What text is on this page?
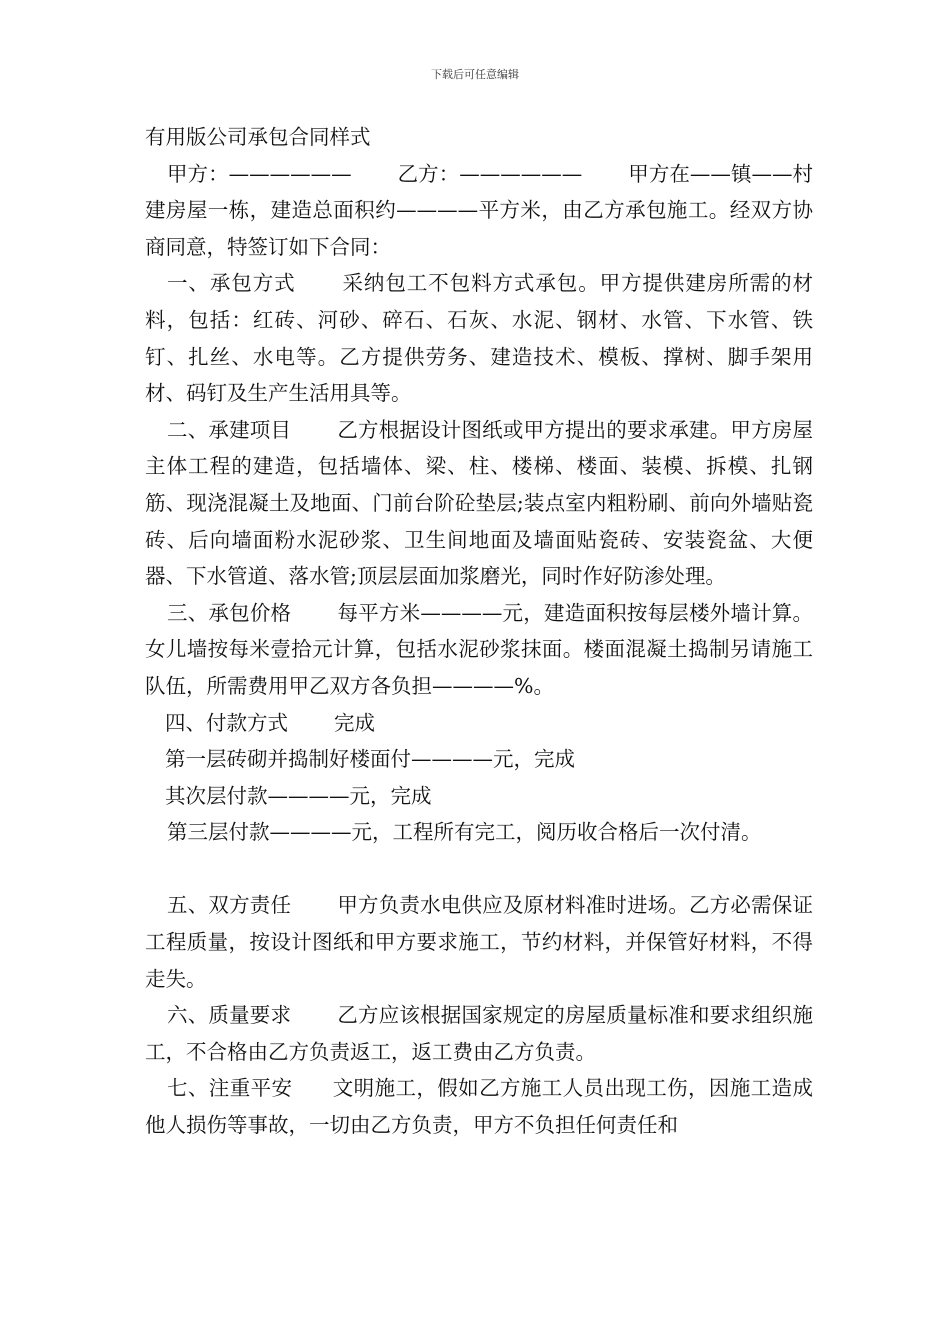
下载后可任意编辑

有用版公司承包合同样式

甲方：—————— 乙方：—————— 甲方在——镇——村建房屋一栋，建造总面积约————平方米，由乙方承包施工。经双方协商同意，特签订如下合同：

一、承包方式 采纳包工不包料方式承包。甲方提供建房所需的材料，包括：红砖、河砂、碎石、石灰、水泥、钢材、水管、下水管、铁钉、扎丝、水电等。乙方提供劳务、建造技术、模板、撑树、脚手架用材、码钉及生产生活用具等。

二、承建项目 乙方根据设计图纸或甲方提出的要求承建。甲方房屋主体工程的建造，包括墙体、梁、柱、楼梯、楼面、装模、拆模、扎钢筋、现浇混凝土及地面、门前台阶砼垫层;装点室内粗粉刷、前向外墙贴瓷砖、后向墙面粉水泥砂浆、卫生间地面及墙面贴瓷砖、安装瓷盆、大便器、下水管道、落水管;顶层层面加浆磨光，同时作好防渗处理。

三、承包价格 每平方米————元，建造面积按每层楼外墙计算。女儿墙按每米壹拾元计算，包括水泥砂浆抹面。楼面混凝土捣制另请施工队伍，所需费用甲乙双方各负担————%。

四、付款方式 完成

第一层砖砌并捣制好楼面付————元，完成

其次层付款————元，完成

第三层付款————元，工程所有完工，阅历收合格后一次付清。

五、双方责任 甲方负责水电供应及原材料准时进场。乙方必需保证工程质量，按设计图纸和甲方要求施工，节约材料，并保管好材料，不得走失。

六、质量要求 乙方应该根据国家规定的房屋质量标准和要求组织施工，不合格由乙方负责返工，返工费由乙方负责。

七、注重平安 文明施工，假如乙方施工人员出现工伤，因施工造成他人损伤等事故，一切由乙方负责，甲方不负担任何责任和
